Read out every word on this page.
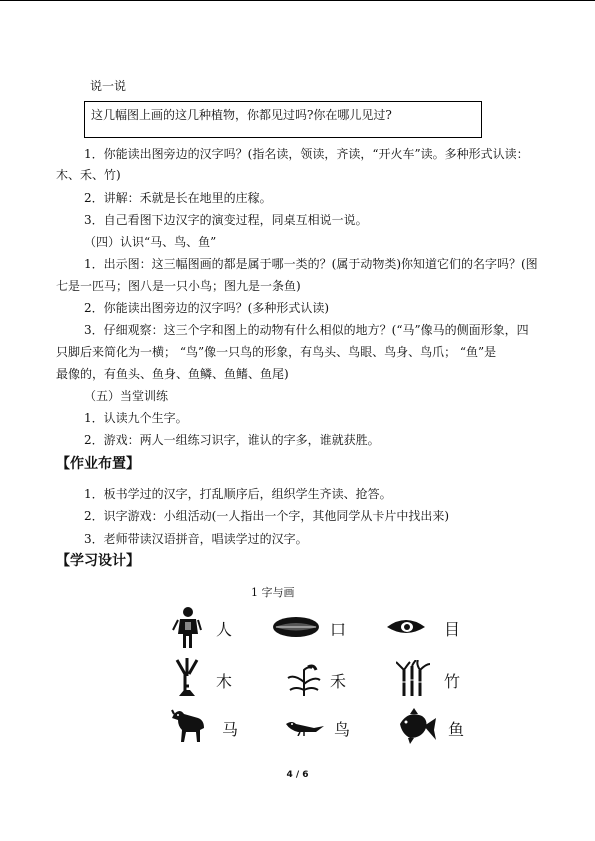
说一说
这几幅图上画的这几种植物，你都见过吗?你在哪儿见过?
1．你能读出图旁边的汉字吗？(指名读，领读，齐读，“开火车”读。多种形式认读：
木、禾、竹)
2．讲解：禾就是长在地里的庄稼。
3．自己看图下边汉字的演变过程，同桌互相说一说。
（四）认识“马、鸟、鱼”
1．出示图：这三幅图画的都是属于哪一类的？(属于动物类)你知道它们的名字吗？(图
七是一匹马；图八是一只小鸟；图九是一条鱼)
2．你能读出图旁边的汉字吗？(多种形式认读)
3．仔细观察：这三个字和图上的动物有什么相似的地方？(“马”像马的侧面形象，四
只脚后来简化为一横； “鸟”像一只鸟的形象，有鸟头、鸟眼、鸟身、鸟爪； “鱼”是
最像的，有鱼头、鱼身、鱼鳞、鱼鳍、鱼尾)
（五）当堂训练
1．认读九个生字。
2．游戏：两人一组练习识字，谁认的字多，谁就获胜。
【作业布置】
1．板书学过的汉字，打乱顺序后，组织学生齐读、抢答。
2．识字游戏：小组活动(一人指出一个字，其他同学从卡片中找出来)
3．老师带读汉语拼音，唱读学过的汉字。
【学习设计】
1 字与画
人	口	目
木	禾	竹
马	鸟	鱼
4 / 6
